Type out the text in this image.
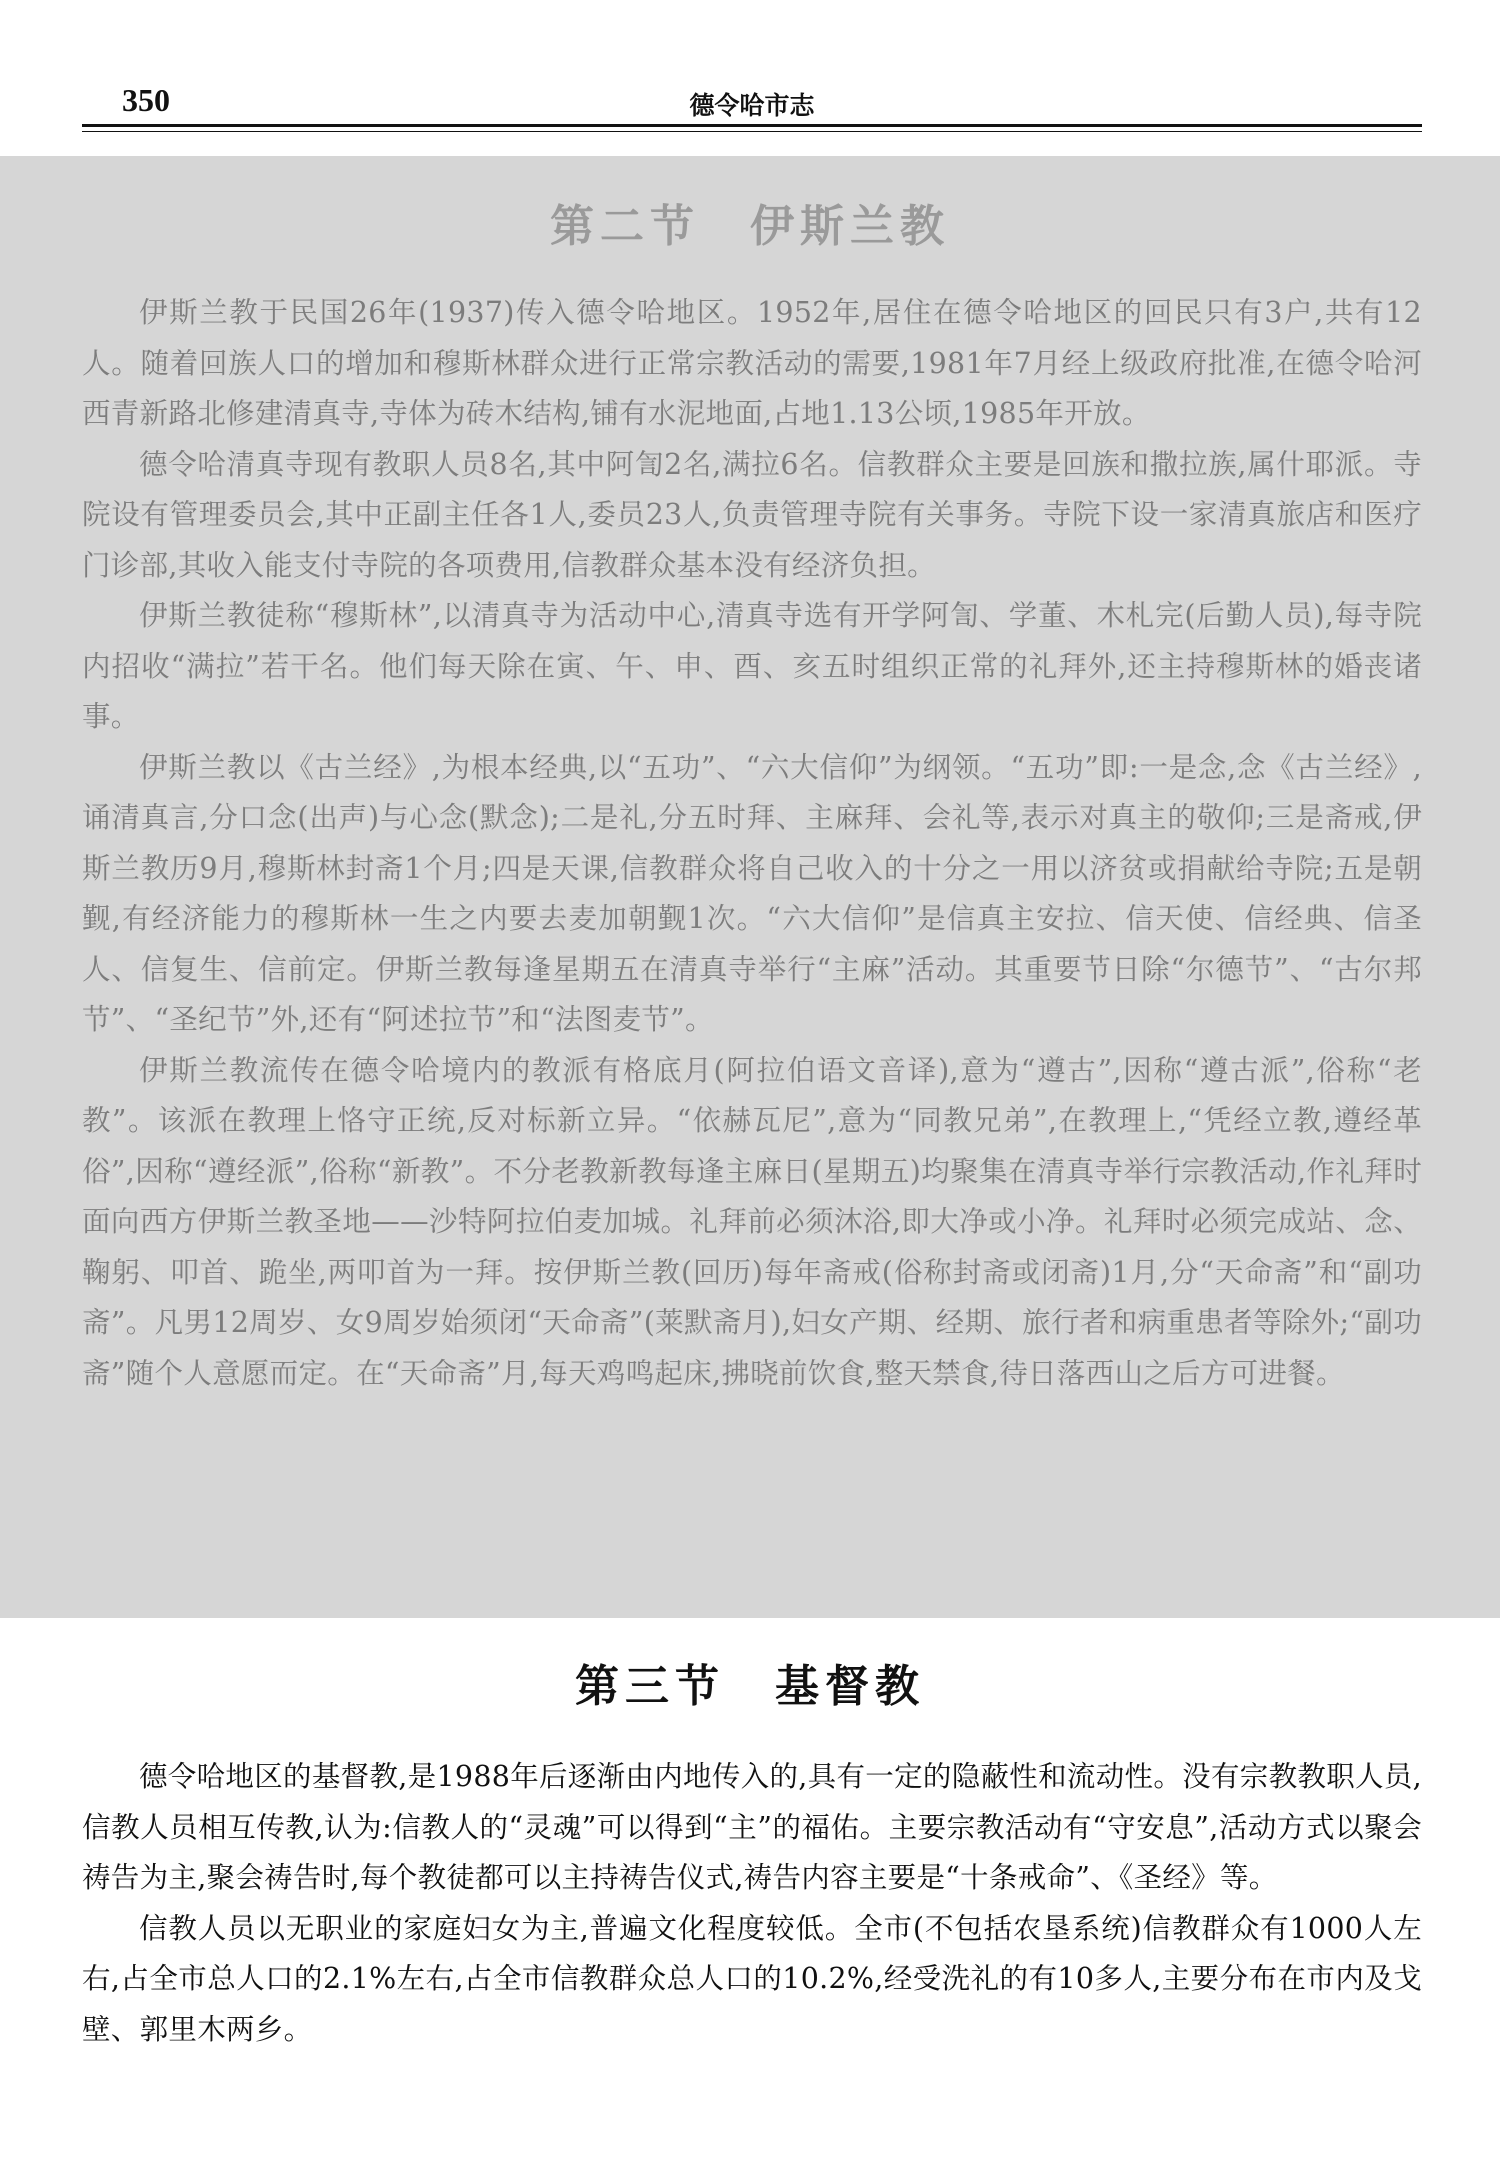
350	德令哈市志
第二节　伊斯兰教

伊斯兰教于民国26年(1937)传入德令哈地区。1952年,居住在德令哈地区的回民只有3户,共有12人。随着回族人口的增加和穆斯林群众进行正常宗教活动的需要,1981年7月经上级政府批准,在德令哈河西青新路北修建清真寺,寺体为砖木结构,铺有水泥地面,占地1.13公顷,1985年开放。

德令哈清真寺现有教职人员8名,其中阿訇2名,满拉6名。信教群众主要是回族和撒拉族,属什耶派。寺院设有管理委员会,其中正副主任各1人,委员23人,负责管理寺院有关事务。寺院下设一家清真旅店和医疗门诊部,其收入能支付寺院的各项费用,信教群众基本没有经济负担。

伊斯兰教徒称“穆斯林”,以清真寺为活动中心,清真寺选有开学阿訇、学董、木札完(后勤人员),每寺院内招收“满拉”若干名。他们每天除在寅、午、申、酉、亥五时组织正常的礼拜外,还主持穆斯林的婚丧诸事。

伊斯兰教以《古兰经》,为根本经典,以“五功”、“六大信仰”为纲领。“五功”即:一是念,念《古兰经》,诵清真言,分口念(出声)与心念(默念);二是礼,分五时拜、主麻拜、会礼等,表示对真主的敬仰;三是斋戒,伊斯兰教历9月,穆斯林封斋1个月;四是天课,信教群众将自己收入的十分之一用以济贫或捐献给寺院;五是朝觐,有经济能力的穆斯林一生之内要去麦加朝觐1次。“六大信仰”是信真主安拉、信天使、信经典、信圣人、信复生、信前定。伊斯兰教每逢星期五在清真寺举行“主麻”活动。其重要节日除“尔德节”、“古尔邦节”、“圣纪节”外,还有“阿述拉节”和“法图麦节”。

伊斯兰教流传在德令哈境内的教派有格底月(阿拉伯语文音译),意为“遵古”,因称“遵古派”,俗称“老教”。该派在教理上恪守正统,反对标新立异。“依赫瓦尼”,意为“同教兄弟”,在教理上,“凭经立教,遵经革俗”,因称“遵经派”,俗称“新教”。不分老教新教每逢主麻日(星期五)均聚集在清真寺举行宗教活动,作礼拜时面向西方伊斯兰教圣地——沙特阿拉伯麦加城。礼拜前必须沐浴,即大净或小净。礼拜时必须完成站、念、鞠躬、叩首、跪坐,两叩首为一拜。按伊斯兰教(回历)每年斋戒(俗称封斋或闭斋)1月,分“天命斋”和“副功斋”。凡男12周岁、女9周岁始须闭“天命斋”(莱默斋月),妇女产期、经期、旅行者和病重患者等除外;“副功斋”随个人意愿而定。在“天命斋”月,每天鸡鸣起床,拂晓前饮食,整天禁食,待日落西山之后方可进餐。

第三节　基督教

德令哈地区的基督教,是1988年后逐渐由内地传入的,具有一定的隐蔽性和流动性。没有宗教教职人员,信教人员相互传教,认为:信教人的“灵魂”可以得到“主”的福佑。主要宗教活动有“守安息”,活动方式以聚会祷告为主,聚会祷告时,每个教徒都可以主持祷告仪式,祷告内容主要是“十条戒命”、《圣经》等。

信教人员以无职业的家庭妇女为主,普遍文化程度较低。全市(不包括农垦系统)信教群众有1000人左右,占全市总人口的2.1%左右,占全市信教群众总人口的10.2%,经受洗礼的有10多人,主要分布在市内及戈壁、郭里木两乡。
